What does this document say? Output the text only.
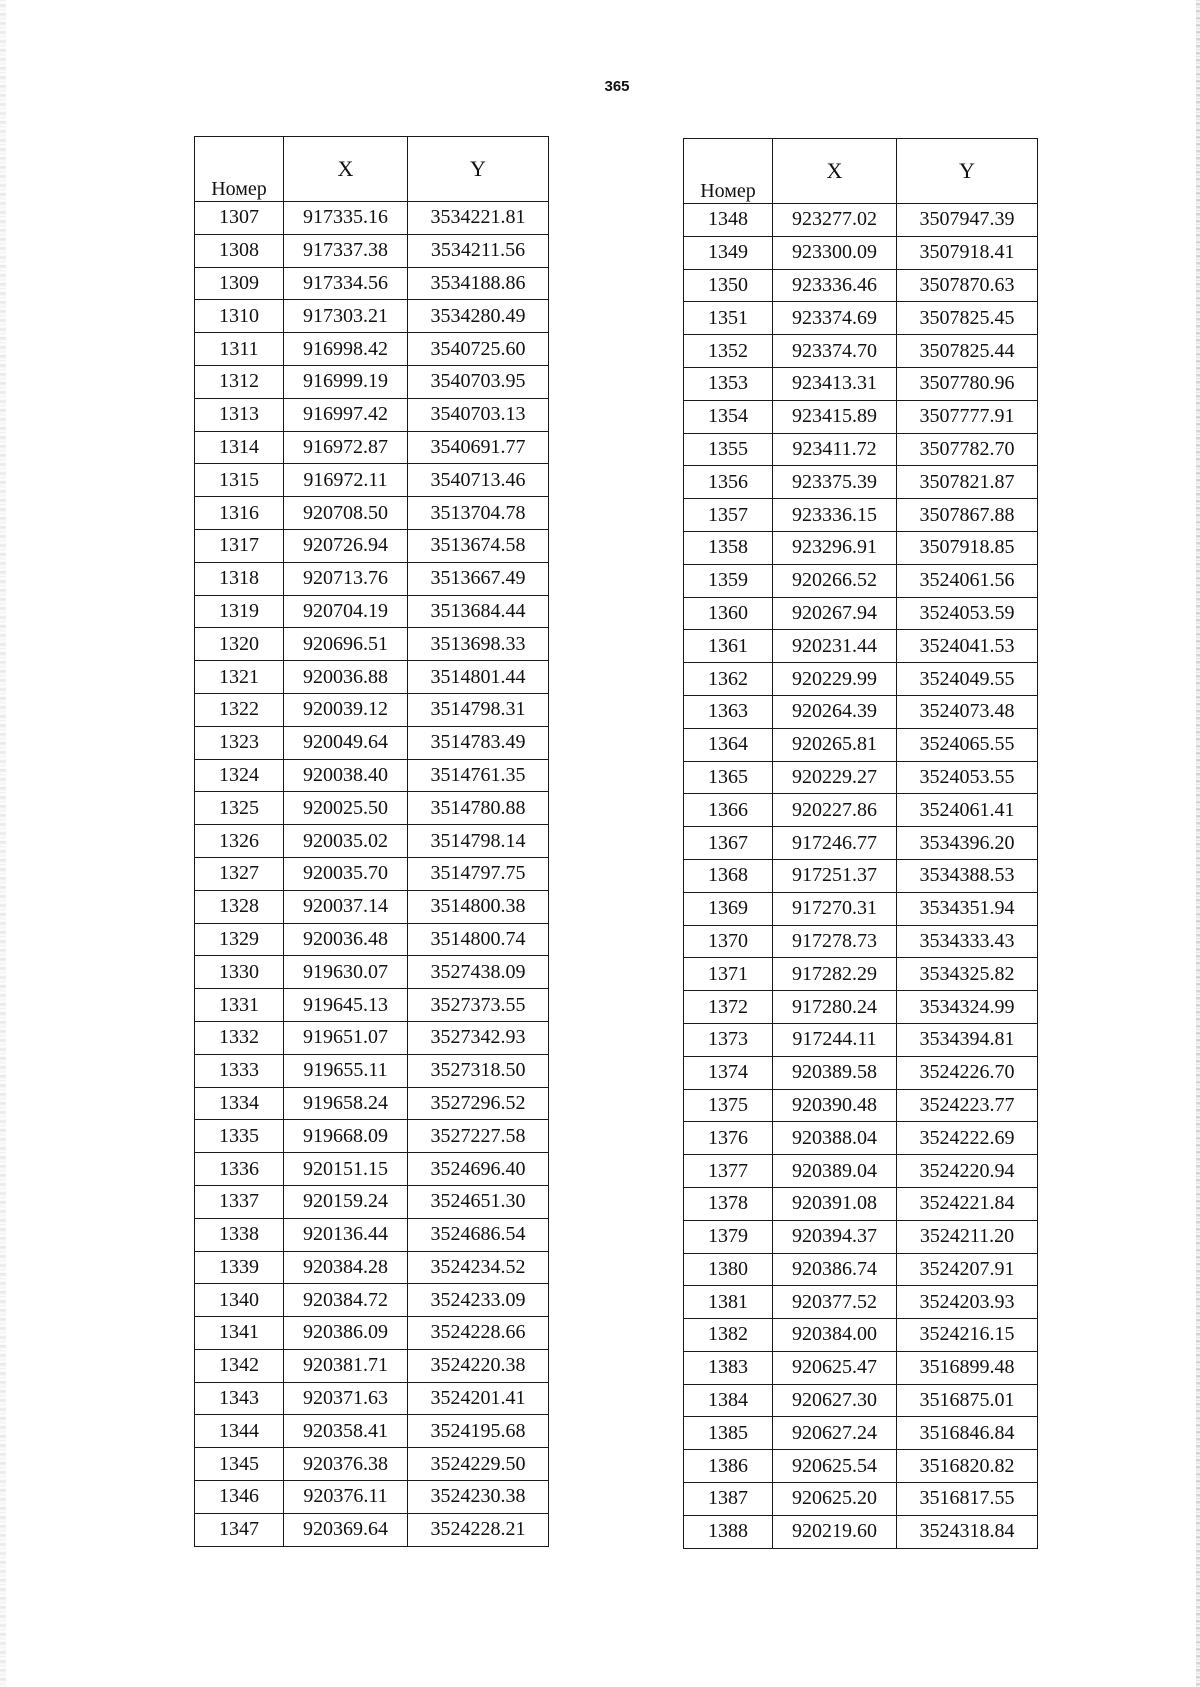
365
Номер	X	Y
1307	917335.16	3534221.81
1308	917337.38	3534211.56
1309	917334.56	3534188.86
1310	917303.21	3534280.49
1311	916998.42	3540725.60
1312	916999.19	3540703.95
1313	916997.42	3540703.13
1314	916972.87	3540691.77
1315	916972.11	3540713.46
1316	920708.50	3513704.78
1317	920726.94	3513674.58
1318	920713.76	3513667.49
1319	920704.19	3513684.44
1320	920696.51	3513698.33
1321	920036.88	3514801.44
1322	920039.12	3514798.31
1323	920049.64	3514783.49
1324	920038.40	3514761.35
1325	920025.50	3514780.88
1326	920035.02	3514798.14
1327	920035.70	3514797.75
1328	920037.14	3514800.38
1329	920036.48	3514800.74
1330	919630.07	3527438.09
1331	919645.13	3527373.55
1332	919651.07	3527342.93
1333	919655.11	3527318.50
1334	919658.24	3527296.52
1335	919668.09	3527227.58
1336	920151.15	3524696.40
1337	920159.24	3524651.30
1338	920136.44	3524686.54
1339	920384.28	3524234.52
1340	920384.72	3524233.09
1341	920386.09	3524228.66
1342	920381.71	3524220.38
1343	920371.63	3524201.41
1344	920358.41	3524195.68
1345	920376.38	3524229.50
1346	920376.11	3524230.38
1347	920369.64	3524228.21
Номер	X	Y
1348	923277.02	3507947.39
1349	923300.09	3507918.41
1350	923336.46	3507870.63
1351	923374.69	3507825.45
1352	923374.70	3507825.44
1353	923413.31	3507780.96
1354	923415.89	3507777.91
1355	923411.72	3507782.70
1356	923375.39	3507821.87
1357	923336.15	3507867.88
1358	923296.91	3507918.85
1359	920266.52	3524061.56
1360	920267.94	3524053.59
1361	920231.44	3524041.53
1362	920229.99	3524049.55
1363	920264.39	3524073.48
1364	920265.81	3524065.55
1365	920229.27	3524053.55
1366	920227.86	3524061.41
1367	917246.77	3534396.20
1368	917251.37	3534388.53
1369	917270.31	3534351.94
1370	917278.73	3534333.43
1371	917282.29	3534325.82
1372	917280.24	3534324.99
1373	917244.11	3534394.81
1374	920389.58	3524226.70
1375	920390.48	3524223.77
1376	920388.04	3524222.69
1377	920389.04	3524220.94
1378	920391.08	3524221.84
1379	920394.37	3524211.20
1380	920386.74	3524207.91
1381	920377.52	3524203.93
1382	920384.00	3524216.15
1383	920625.47	3516899.48
1384	920627.30	3516875.01
1385	920627.24	3516846.84
1386	920625.54	3516820.82
1387	920625.20	3516817.55
1388	920219.60	3524318.84
